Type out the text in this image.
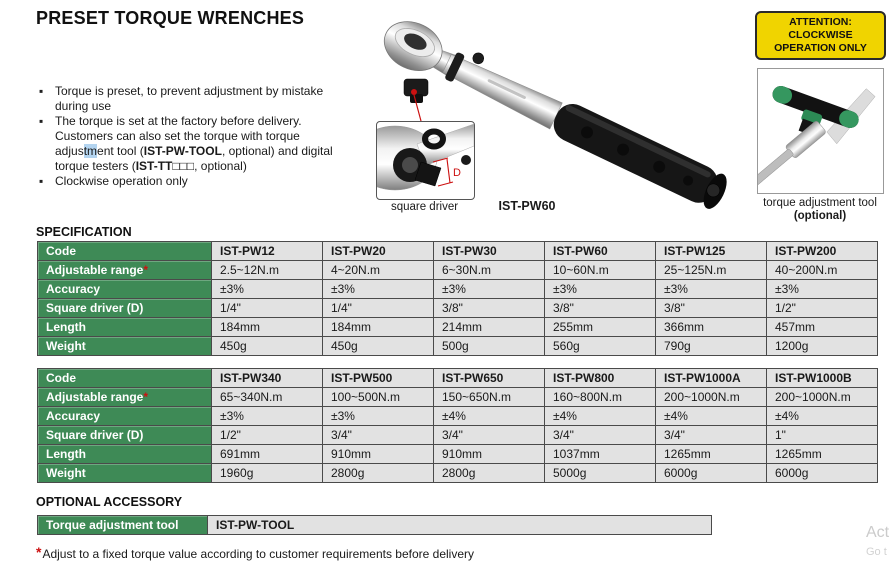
PRESET TORQUE WRENCHES	ATTENTION: CLOCKWISE
OPERATION ONLY
▪ Torque is preset, to prevent adjustment by mistake during use
▪ The torque is set at the factory before delivery. Customers can also set the torque with torque adjustment tool (IST-PW-TOOL, optional) and digital torque testers (IST-TT□□□, optional)
▪ Clockwise operation only
D
square driver	IST-PW60	torque adjustment tool
(optional)
SPECIFICATION
Code	IST-PW12	IST-PW20	IST-PW30	IST-PW60	IST-PW125	IST-PW200
Adjustable range*	2.5~12N.m	4~20N.m	6~30N.m	10~60N.m	25~125N.m	40~200N.m
Accuracy	±3%	±3%	±3%	±3%	±3%	±3%
Square driver (D)	1/4"	1/4"	3/8"	3/8"	3/8"	1/2"
Length	184mm	184mm	214mm	255mm	366mm	457mm
Weight	450g	450g	500g	560g	790g	1200g
Code	IST-PW340	IST-PW500	IST-PW650	IST-PW800	IST-PW1000A	IST-PW1000B
Adjustable range*	65~340N.m	100~500N.m	150~650N.m	160~800N.m	200~1000N.m	200~1000N.m
Accuracy	±3%	±3%	±4%	±4%	±4%	±4%
Square driver (D)	1/2"	3/4"	3/4"	3/4"	3/4"	1"
Length	691mm	910mm	910mm	1037mm	1265mm	1265mm
Weight	1960g	2800g	2800g	5000g	6000g	6000g
OPTIONAL ACCESSORY
Torque adjustment tool	IST-PW-TOOL

*Adjust to a fixed torque value according to customer requirements before delivery

Act
Go t
